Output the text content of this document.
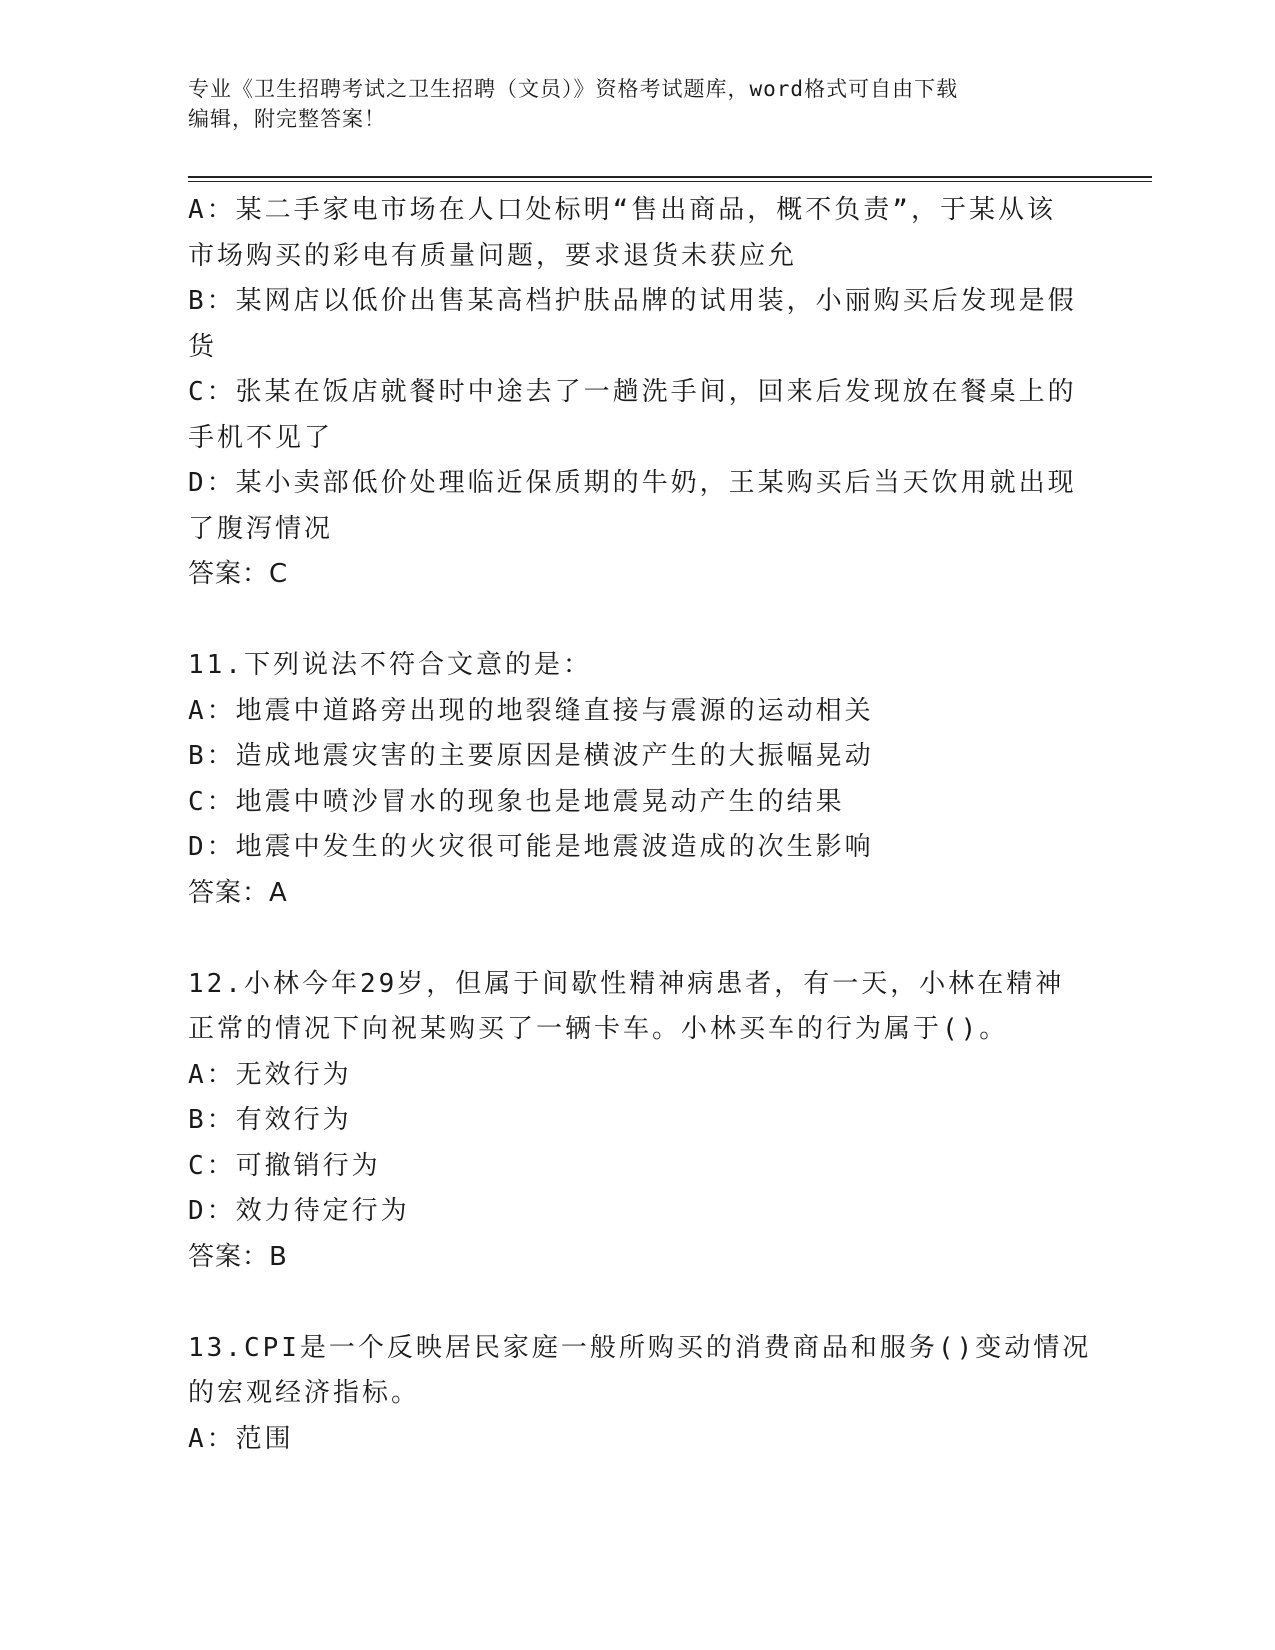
专业《卫生招聘考试之卫生招聘（文员）》资格考试题库，word格式可自由下载
编辑，附完整答案！
A：某二手家电市场在人口处标明“售出商品，概不负责”，于某从该
市场购买的彩电有质量问题，要求退货未获应允
B：某网店以低价出售某高档护肤品牌的试用装，小丽购买后发现是假
货
C：张某在饭店就餐时中途去了一趟洗手间，回来后发现放在餐桌上的
手机不见了
D：某小卖部低价处理临近保质期的牛奶，王某购买后当天饮用就出现
了腹泻情况
答案：C
11.下列说法不符合文意的是：
A：地震中道路旁出现的地裂缝直接与震源的运动相关
B：造成地震灾害的主要原因是横波产生的大振幅晃动
C：地震中喷沙冒水的现象也是地震晃动产生的结果
D：地震中发生的火灾很可能是地震波造成的次生影响
答案：A
12.小林今年29岁，但属于间歇性精神病患者，有一天，小林在精神
正常的情况下向祝某购买了一辆卡车。小林买车的行为属于()。
A：无效行为
B：有效行为
C：可撤销行为
D：效力待定行为
答案：B
13.CPI是一个反映居民家庭一般所购买的消费商品和服务()变动情况
的宏观经济指标。
A：范围
